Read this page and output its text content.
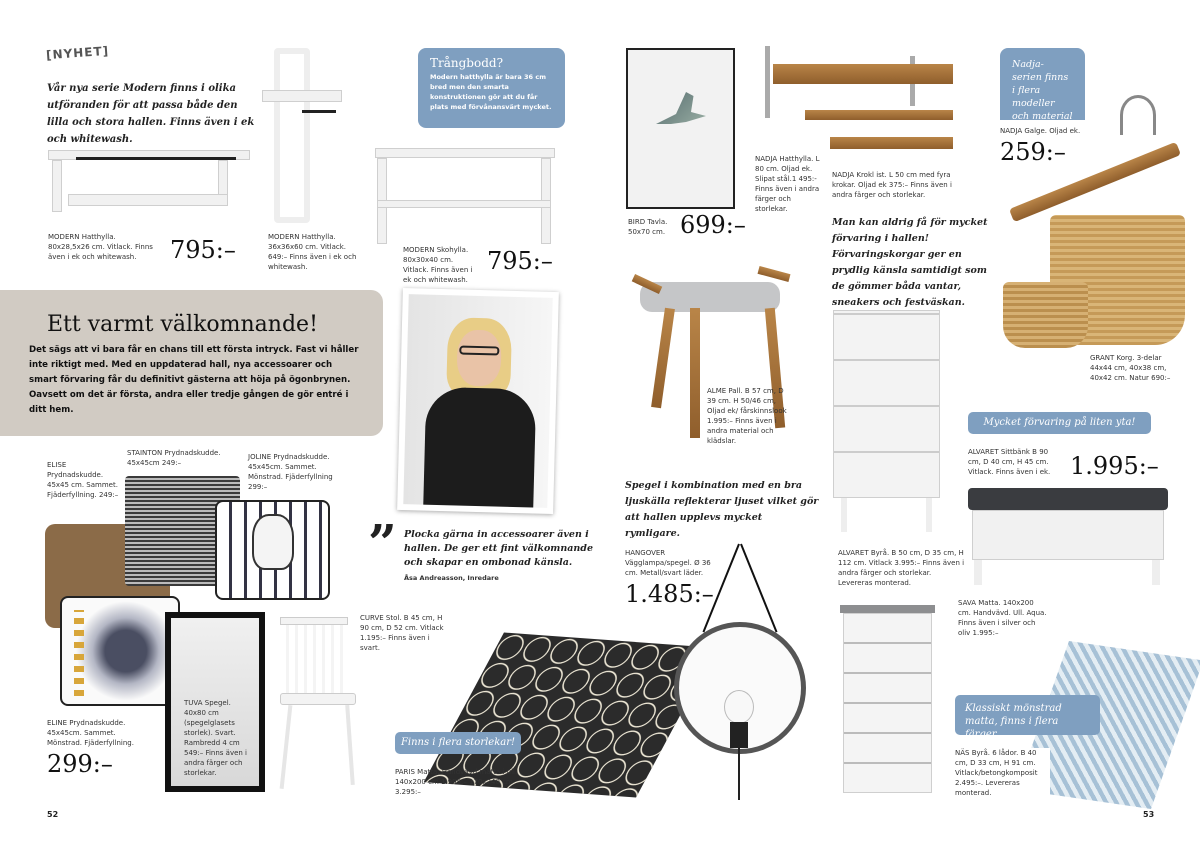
[NYHET]
Vår nya serie Modern finns i olika utföranden för att passa både den lilla och stora hallen. Finns även i ek och whitewash.
Trångbodd?
Modern hatthylla är bara 36 cm bred men den smarta konstruktionen gör att du får plats med förvånansvärt mycket.
MODERN Hatthylla. 80x28,5x26 cm. Vitlack. Finns även i ek och whitewash.	795:–	MODERN Hatthylla. 36x36x60 cm. Vitlack. 649:– Finns även i ek och whitewash.
MODERN Skohylla. 80x30x40 cm. Vitlack. Finns även i ek och whitewash.
795:–
Ett varmt välkomnande!
Det sägs att vi bara får en chans till ett första intryck. Fast vi håller inte riktigt med. Med en uppdaterad hall, nya accessoarer och smart förvaring får du definitivt gästerna att höja på ögonbrynen. Oavsett om det är första, andra eller tredje gången de gör entré i ditt hem.
ELISE Prydnadskudde. 45x45 cm. Sammet. Fjäderfyllning. 249:–
STAINTON Prydnadskudde. 45x45cm 249:–
JOLINE Prydnadskudde. 45x45cm. Sammet. Mönstrad. Fjäderfyllning 299:–
ELINE Prydnadskudde. 45x45cm. Sammet. Mönstrad. Fjäderfyllning.
299:–
TUVA Spegel. 40x80 cm (spegelglasets storlek). Svart. Rambredd 4 cm 549:– Finns även i andra färger och storlekar.
CURVE Stol. B 45 cm, H 90 cm, D 52 cm. Vitlack 1.195:– Finns även i svart.
” Plocka gärna in accessoarer även i hallen. De ger ett fint välkomnande och skapar en ombonad känsla.
Åsa Andreasson, Inredare
Finns i flera storlekar!
PARIS Matta. Handvävd matta i ull. 140x200 cm 1.995:– 170x240 cm 3.295:–
52
BIRD Tavla. 50x70 cm. 699:–
NADJA Hatthylla. L 80 cm. Oljad ek. Slipat stål.1 495:- Finns även i andra färger och storlekar.
NADJA Krokl ist. L 50 cm med fyra krokar. Oljad ek 375:– Finns även i andra färger och storlekar.
Nadja-serien finns i flera modeller och material
NADJA Galge. Oljad ek.
259:–
Man kan aldrig få för mycket förvaring i hallen! Förvaringskorgar ger en prydlig känsla samtidigt som de gömmer båda vantar, sneakers och festväskan.
GRANT Korg. 3-delar 44x44 cm, 40x38 cm, 40x42 cm. Natur 690:–
ALME Pall. B 57 cm, D 39 cm. H 50/46 cm, Oljad ek/ fårskinnslook 1.995:– Finns även i andra material och klädslar.
ALVARET Byrå. B 50 cm, D 35 cm, H 112 cm. Vitlack 3.995:– Finns även i andra färger och storlekar. Levereras monterad.
Mycket förvaring på liten yta!
ALVARET Sittbänk B 90 cm, D 40 cm, H 45 cm. Vitlack. Finns även i ek. 1.995:–
Spegel i kombination med en bra ljuskälla reflekterar ljuset vilket gör att hallen upplevs mycket rymligare.
HANGOVER Vägglampa/spegel. Ø 36 cm. Metall/svart läder.
1.485:–	SAVA Matta. 140x200 cm. Handvävd. Ull. Aqua. Finns även i silver och oliv 1.995:–
Klassiskt mönstrad matta, finns i flera färger.
NÄS Byrå. 6 lådor. B 40 cm, D 33 cm, H 91 cm. Vitlack/betongkomposit 2.495:–. Levereras monterad.
53
